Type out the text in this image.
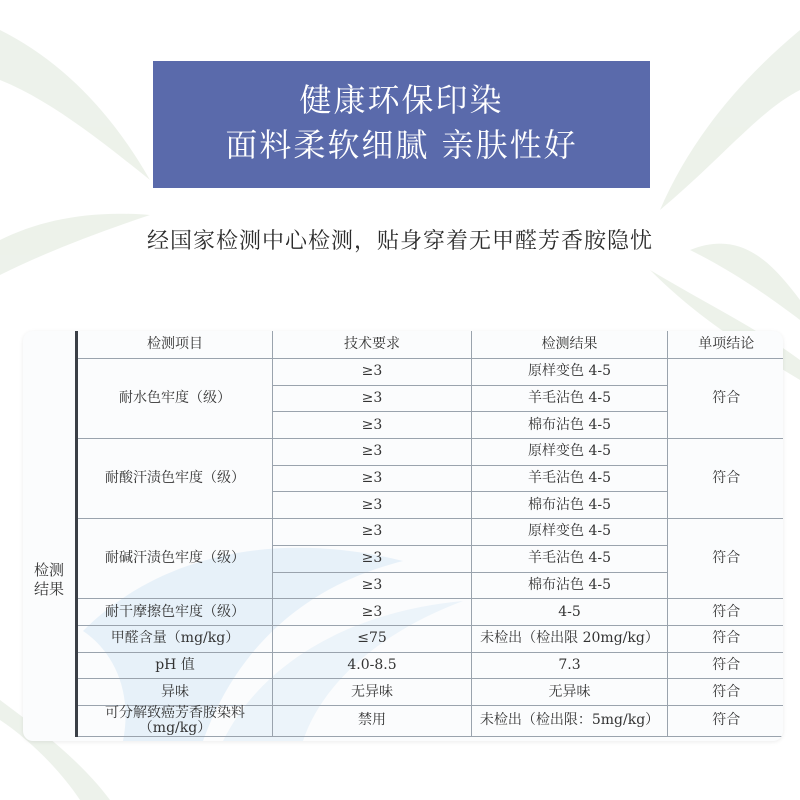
健康环保印染
面料柔软细腻 亲肤性好
经国家检测中心检测，贴身穿着无甲醛芳香胺隐忧
检测结果
检测项目	技术要求	检测结果	单项结论
耐水色牢度（级）	≥3	原样变色 4-5	符合
	≥3	羊毛沾色 4-5	
	≥3	棉布沾色 4-5	
耐酸汗渍色牢度（级）	≥3	原样变色 4-5	符合
	≥3	羊毛沾色 4-5	
	≥3	棉布沾色 4-5	
耐碱汗渍色牢度（级）	≥3	原样变色 4-5	符合
	≥3	羊毛沾色 4-5	
	≥3	棉布沾色 4-5	
耐干摩擦色牢度（级）	≥3	4-5	符合
甲醛含量（mg/kg）	≤75	未检出（检出限 20mg/kg）	符合
pH 值	4.0-8.5	7.3	符合
异味	无异味	无异味	符合
可分解致癌芳香胺染料（mg/kg）	禁用	未检出（检出限：5mg/kg）	符合
